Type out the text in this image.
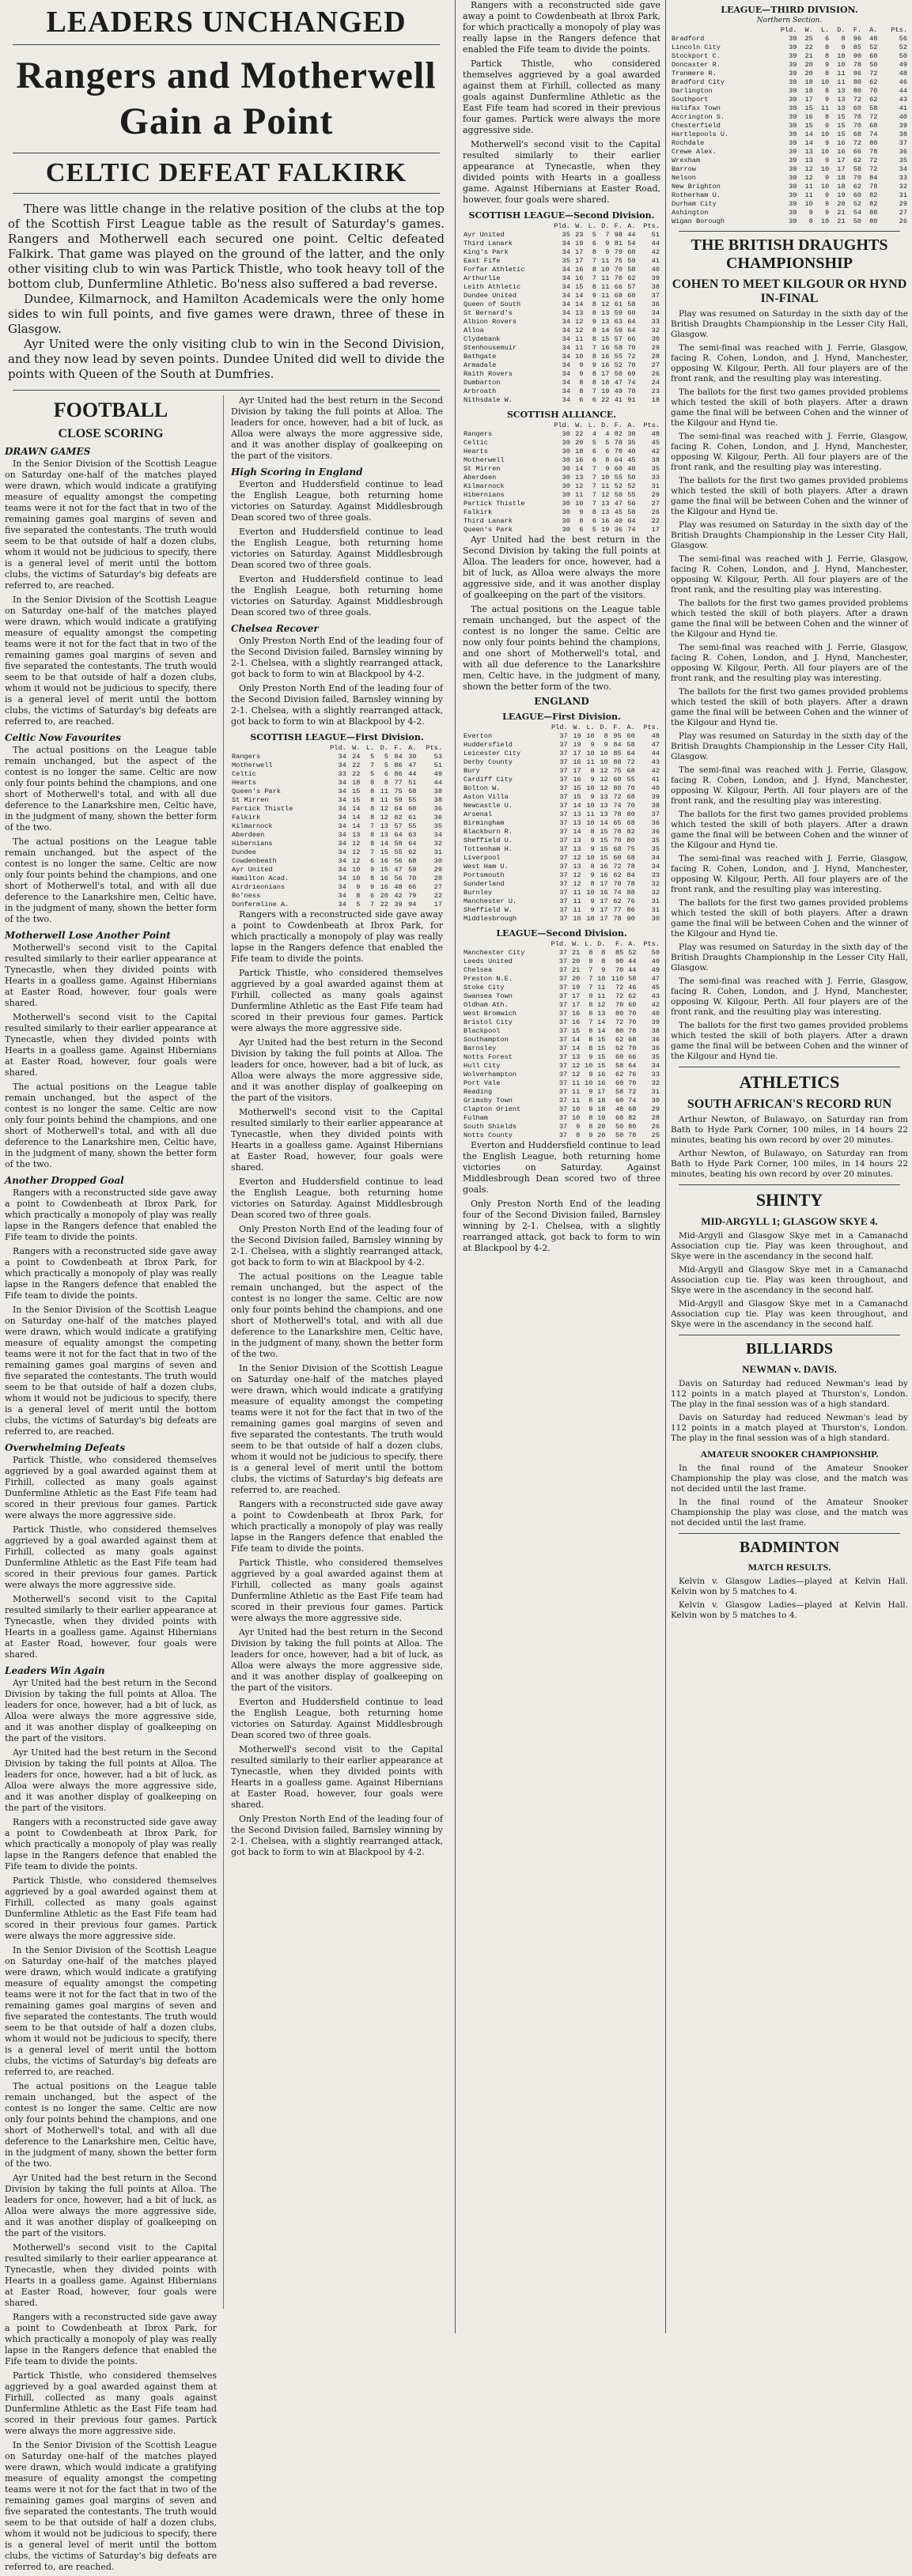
LEADERS UNCHANGED
Rangers and Motherwell Gain a Point
CELTIC DEFEAT FALKIRK

There was little change in the relative position of the clubs at the top of the Scottish First League table as the result of Saturday's games. Rangers and Motherwell each secured one point. Celtic defeated Falkirk. That game was played on the ground of the latter, and the only other visiting club to win was Partick Thistle, who took heavy toll of the bottom club, Dunfermline Athletic. Bo'ness also suffered a bad reverse.

Dundee, Kilmarnock, and Hamilton Academicals were the only home sides to win full points, and five games were drawn, three of these in Glasgow.

Ayr United were the only visiting club to win in the Second Division, and they now lead by seven points. Dundee United did well to divide the points with Queen of the South at Dumfries.

FOOTBALL
CLOSE SCORING
DRAWN GAMES

In the Senior Division of the Scottish League on Saturday one-half of the matches played were drawn, which would indicate a gratifying measure of equality amongst the competing teams were it not for the fact that in two of the remaining games goal margins of seven and five separated the contestants. The truth would seem to be that outside of half a dozen clubs, whom it would not be judicious to specify, there is a general level of merit until the bottom clubs, the victims of Saturday's big defeats are referred to, are reached.

In the Senior Division of the Scottish League on Saturday one-half of the matches played were drawn, which would indicate a gratifying measure of equality amongst the competing teams were it not for the fact that in two of the remaining games goal margins of seven and five separated the contestants. The truth would seem to be that outside of half a dozen clubs, whom it would not be judicious to specify, there is a general level of merit until the bottom clubs, the victims of Saturday's big defeats are referred to, are reached.

Celtic Now Favourites

The actual positions on the League table remain unchanged, but the aspect of the contest is no longer the same. Celtic are now only four points behind the champions, and one short of Motherwell's total, and with all due deference to the Lanarkshire men, Celtic have, in the judgment of many, shown the better form of the two.

The actual positions on the League table remain unchanged, but the aspect of the contest is no longer the same. Celtic are now only four points behind the champions, and one short of Motherwell's total, and with all due deference to the Lanarkshire men, Celtic have, in the judgment of many, shown the better form of the two.

Motherwell Lose Another Point

Motherwell's second visit to the Capital resulted similarly to their earlier appearance at Tynecastle, when they divided points with Hearts in a goalless game. Against Hibernians at Easter Road, however, four goals were shared.

Motherwell's second visit to the Capital resulted similarly to their earlier appearance at Tynecastle, when they divided points with Hearts in a goalless game. Against Hibernians at Easter Road, however, four goals were shared.

The actual positions on the League table remain unchanged, but the aspect of the contest is no longer the same. Celtic are now only four points behind the champions, and one short of Motherwell's total, and with all due deference to the Lanarkshire men, Celtic have, in the judgment of many, shown the better form of the two.

Another Dropped Goal

Rangers with a reconstructed side gave away a point to Cowdenbeath at Ibrox Park, for which practically a monopoly of play was really lapse in the Rangers defence that enabled the Fife team to divide the points.

Rangers with a reconstructed side gave away a point to Cowdenbeath at Ibrox Park, for which practically a monopoly of play was really lapse in the Rangers defence that enabled the Fife team to divide the points.

In the Senior Division of the Scottish League on Saturday one-half of the matches played were drawn, which would indicate a gratifying measure of equality amongst the competing teams were it not for the fact that in two of the remaining games goal margins of seven and five separated the contestants. The truth would seem to be that outside of half a dozen clubs, whom it would not be judicious to specify, there is a general level of merit until the bottom clubs, the victims of Saturday's big defeats are referred to, are reached.

Overwhelming Defeats

Partick Thistle, who considered themselves aggrieved by a goal awarded against them at Firhill, collected as many goals against Dunfermline Athletic as the East Fife team had scored in their previous four games. Partick were always the more aggressive side.

Partick Thistle, who considered themselves aggrieved by a goal awarded against them at Firhill, collected as many goals against Dunfermline Athletic as the East Fife team had scored in their previous four games. Partick were always the more aggressive side.

Motherwell's second visit to the Capital resulted similarly to their earlier appearance at Tynecastle, when they divided points with Hearts in a goalless game. Against Hibernians at Easter Road, however, four goals were shared.

Leaders Win Again

Ayr United had the best return in the Second Division by taking the full points at Alloa. The leaders for once, however, had a bit of luck, as Alloa were always the more aggressive side, and it was another display of goalkeeping on the part of the visitors.

Ayr United had the best return in the Second Division by taking the full points at Alloa. The leaders for once, however, had a bit of luck, as Alloa were always the more aggressive side, and it was another display of goalkeeping on the part of the visitors.

Rangers with a reconstructed side gave away a point to Cowdenbeath at Ibrox Park, for which practically a monopoly of play was really lapse in the Rangers defence that enabled the Fife team to divide the points.

Partick Thistle, who considered themselves aggrieved by a goal awarded against them at Firhill, collected as many goals against Dunfermline Athletic as the East Fife team had scored in their previous four games. Partick were always the more aggressive side.

In the Senior Division of the Scottish League on Saturday one-half of the matches played were drawn, which would indicate a gratifying measure of equality amongst the competing teams were it not for the fact that in two of the remaining games goal margins of seven and five separated the contestants. The truth would seem to be that outside of half a dozen clubs, whom it would not be judicious to specify, there is a general level of merit until the bottom clubs, the victims of Saturday's big defeats are referred to, are reached.

The actual positions on the League table remain unchanged, but the aspect of the contest is no longer the same. Celtic are now only four points behind the champions, and one short of Motherwell's total, and with all due deference to the Lanarkshire men, Celtic have, in the judgment of many, shown the better form of the two.

Ayr United had the best return in the Second Division by taking the full points at Alloa. The leaders for once, however, had a bit of luck, as Alloa were always the more aggressive side, and it was another display of goalkeeping on the part of the visitors.

Motherwell's second visit to the Capital resulted similarly to their earlier appearance at Tynecastle, when they divided points with Hearts in a goalless game. Against Hibernians at Easter Road, however, four goals were shared.

Rangers with a reconstructed side gave away a point to Cowdenbeath at Ibrox Park, for which practically a monopoly of play was really lapse in the Rangers defence that enabled the Fife team to divide the points.

Partick Thistle, who considered themselves aggrieved by a goal awarded against them at Firhill, collected as many goals against Dunfermline Athletic as the East Fife team had scored in their previous four games. Partick were always the more aggressive side.

In the Senior Division of the Scottish League on Saturday one-half of the matches played were drawn, which would indicate a gratifying measure of equality amongst the competing teams were it not for the fact that in two of the remaining games goal margins of seven and five separated the contestants. The truth would seem to be that outside of half a dozen clubs, whom it would not be judicious to specify, there is a general level of merit until the bottom clubs, the victims of Saturday's big defeats are referred to, are reached.

Ayr United had the best return in the Second Division by taking the full points at Alloa. The leaders for once, however, had a bit of luck, as Alloa were always the more aggressive side, and it was another display of goalkeeping on the part of the visitors.

High Scoring in England

Everton and Huddersfield continue to lead the English League, both returning home victories on Saturday. Against Middlesbrough Dean scored two of three goals.

Everton and Huddersfield continue to lead the English League, both returning home victories on Saturday. Against Middlesbrough Dean scored two of three goals.

Everton and Huddersfield continue to lead the English League, both returning home victories on Saturday. Against Middlesbrough Dean scored two of three goals.

Chelsea Recover

Only Preston North End of the leading four of the Second Division failed, Barnsley winning by 2-1. Chelsea, with a slightly rearranged attack, got back to form to win at Blackpool by 4-2.

Only Preston North End of the leading four of the Second Division failed, Barnsley winning by 2-1. Chelsea, with a slightly rearranged attack, got back to form to win at Blackpool by 4-2.

SCOTTISH LEAGUE—First Division.
	Pld.	W.	L.	D.	F.	A.	Pts.
Rangers	34	24	5	5	84	30	53
Motherwell	34	22	7	5	86	47	51
Celtic	33	22	5	6	86	44	49
Hearts	34	18	8	8	77	51	44
Queen's Park	34	15	8	11	75	58	38
St Mirren	34	15	8	11	59	55	38
Partick Thistle	34	14	8	12	64	60	36
Falkirk	34	14	8	12	62	61	36
Kilmarnock	34	14	7	13	57	55	35
Aberdeen	34	13	8	13	64	63	34
Hibernians	34	12	8	14	58	64	32
Dundee	34	12	7	15	55	62	31
Cowdenbeath	34	12	6	16	56	68	30
Ayr United	34	10	9	15	47	59	29
Hamilton Acad.	34	10	8	16	56	70	28
Airdrieonians	34	9	9	16	48	66	27
Bo'ness	34	8	6	20	42	79	22
Dunfermline A.	34	5	7	22	39	94	17

Rangers with a reconstructed side gave away a point to Cowdenbeath at Ibrox Park, for which practically a monopoly of play was really lapse in the Rangers defence that enabled the Fife team to divide the points.

Partick Thistle, who considered themselves aggrieved by a goal awarded against them at Firhill, collected as many goals against Dunfermline Athletic as the East Fife team had scored in their previous four games. Partick were always the more aggressive side.

Ayr United had the best return in the Second Division by taking the full points at Alloa. The leaders for once, however, had a bit of luck, as Alloa were always the more aggressive side, and it was another display of goalkeeping on the part of the visitors.

Motherwell's second visit to the Capital resulted similarly to their earlier appearance at Tynecastle, when they divided points with Hearts in a goalless game. Against Hibernians at Easter Road, however, four goals were shared.

Everton and Huddersfield continue to lead the English League, both returning home victories on Saturday. Against Middlesbrough Dean scored two of three goals.

Only Preston North End of the leading four of the Second Division failed, Barnsley winning by 2-1. Chelsea, with a slightly rearranged attack, got back to form to win at Blackpool by 4-2.

The actual positions on the League table remain unchanged, but the aspect of the contest is no longer the same. Celtic are now only four points behind the champions, and one short of Motherwell's total, and with all due deference to the Lanarkshire men, Celtic have, in the judgment of many, shown the better form of the two.

In the Senior Division of the Scottish League on Saturday one-half of the matches played were drawn, which would indicate a gratifying measure of equality amongst the competing teams were it not for the fact that in two of the remaining games goal margins of seven and five separated the contestants. The truth would seem to be that outside of half a dozen clubs, whom it would not be judicious to specify, there is a general level of merit until the bottom clubs, the victims of Saturday's big defeats are referred to, are reached.

Rangers with a reconstructed side gave away a point to Cowdenbeath at Ibrox Park, for which practically a monopoly of play was really lapse in the Rangers defence that enabled the Fife team to divide the points.

Partick Thistle, who considered themselves aggrieved by a goal awarded against them at Firhill, collected as many goals against Dunfermline Athletic as the East Fife team had scored in their previous four games. Partick were always the more aggressive side.

Ayr United had the best return in the Second Division by taking the full points at Alloa. The leaders for once, however, had a bit of luck, as Alloa were always the more aggressive side, and it was another display of goalkeeping on the part of the visitors.

Everton and Huddersfield continue to lead the English League, both returning home victories on Saturday. Against Middlesbrough Dean scored two of three goals.

Motherwell's second visit to the Capital resulted similarly to their earlier appearance at Tynecastle, when they divided points with Hearts in a goalless game. Against Hibernians at Easter Road, however, four goals were shared.

Only Preston North End of the leading four of the Second Division failed, Barnsley winning by 2-1. Chelsea, with a slightly rearranged attack, got back to form to win at Blackpool by 4-2.

Rangers with a reconstructed side gave away a point to Cowdenbeath at Ibrox Park, for which practically a monopoly of play was really lapse in the Rangers defence that enabled the Fife team to divide the points.

Partick Thistle, who considered themselves aggrieved by a goal awarded against them at Firhill, collected as many goals against Dunfermline Athletic as the East Fife team had scored in their previous four games. Partick were always the more aggressive side.

Motherwell's second visit to the Capital resulted similarly to their earlier appearance at Tynecastle, when they divided points with Hearts in a goalless game. Against Hibernians at Easter Road, however, four goals were shared.

SCOTTISH LEAGUE—Second Division.
	Pld.	W.	L.	D.	F.	A.	Pts.
Ayr United	35	23	5	7	98	44	51
Third Lanark	34	19	6	9	81	54	44
King's Park	34	17	8	9	79	60	42
East Fife	35	17	7	11	75	59	41
Forfar Athletic	34	16	8	10	70	58	40
Arthurlie	34	16	7	11	70	62	39
Leith Athletic	34	15	8	11	66	57	38
Dundee United	34	14	9	11	68	60	37
Queen of South	34	14	8	12	61	58	36
St Bernard's	34	13	8	13	59	60	34
Albion Rovers	34	12	9	13	63	64	33
Alloa	34	12	8	14	59	64	32
Clydebank	34	11	8	15	57	66	30
Stenhousemuir	34	11	7	16	58	70	29
Bathgate	34	10	8	16	55	72	28
Armadale	34	9	9	16	52	70	27
Raith Rovers	34	9	8	17	50	69	26
Dumbarton	34	8	8	18	47	74	24
Arbroath	34	8	7	19	49	78	23
Nithsdale W.	34	6	6	22	41	91	18
SCOTTISH ALLIANCE.
	Pld.	W.	L.	D.	F.	A.	Pts.
Rangers	30	22	4	4	82	30	48
Celtic	30	20	5	5	78	35	45
Hearts	30	18	6	6	70	40	42
Motherwell	30	16	6	8	64	45	38
St Mirren	30	14	7	9	60	48	35
Aberdeen	30	13	7	10	55	50	33
Kilmarnock	30	12	7	11	52	52	31
Hibernians	30	11	7	12	50	55	29
Partick Thistle	30	10	7	13	47	56	27
Falkirk	30	9	8	13	45	58	26
Third Lanark	30	8	6	16	40	64	22
Queen's Park	30	6	5	19	36	74	17

Ayr United had the best return in the Second Division by taking the full points at Alloa. The leaders for once, however, had a bit of luck, as Alloa were always the more aggressive side, and it was another display of goalkeeping on the part of the visitors.

The actual positions on the League table remain unchanged, but the aspect of the contest is no longer the same. Celtic are now only four points behind the champions, and one short of Motherwell's total, and with all due deference to the Lanarkshire men, Celtic have, in the judgment of many, shown the better form of the two.

ENGLAND
LEAGUE—First Division.
	Pld.	W.	L.	D.	F.	A.	Pts.
Everton	37	19	10	8	95	60	48
Huddersfield	37	19	9	9	84	58	47
Leicester City	37	17	10	10	85	64	44
Derby County	37	16	11	10	88	72	43
Bury	37	17	8	12	75	68	42
Cardiff City	37	16	9	12	60	55	41
Bolton W.	37	15	10	12	80	70	40
Aston Villa	37	15	9	13	72	68	39
Newcastle U.	37	14	10	13	74	70	38
Arsenal	37	13	11	13	78	80	37
Birmingham	37	13	10	14	65	68	36
Blackburn R.	37	14	8	15	78	82	36
Sheffield U.	37	13	9	15	70	80	35
Tottenham H.	37	13	9	15	68	75	35
Liverpool	37	12	10	15	60	68	34
West Ham U.	37	13	8	16	72	78	34
Portsmouth	37	12	9	16	62	84	33
Sunderland	37	12	8	17	70	78	32
Burnley	37	11	10	16	74	88	32
Manchester U.	37	11	9	17	62	76	31
Sheffield W.	37	11	9	17	77	86	31
Middlesbrough	37	10	10	17	78	90	30
LEAGUE—Second Division.
	Pld.	W.	L.	D.	F.	A.	Pts.
Manchester City	37	21	8	8	85	52	50
Leeds United	37	20	9	8	90	44	49
Chelsea	37	21	7	9	70	44	49
Preston N.E.	37	20	7	10	110	58	47
Stoke City	37	19	7	11	72	46	45
Swansea Town	37	17	9	11	72	62	43
Oldham Ath.	37	17	8	12	70	60	42
West Bromwich	37	16	8	13	80	70	40
Bristol City	37	16	7	14	72	70	39
Blackpool	37	15	8	14	80	78	38
Southampton	37	14	8	15	62	68	36
Barnsley	37	14	8	15	62	70	36
Notts Forest	37	13	9	15	60	66	35
Hull City	37	12	10	15	58	64	34
Wolverhampton	37	12	9	16	62	76	33
Port Vale	37	11	10	16	60	70	32
Reading	37	11	9	17	58	72	31
Grimsby Town	37	11	8	18	60	74	30
Clapton Orient	37	10	9	18	48	68	29
Fulham	37	10	8	19	60	82	28
South Shields	37	9	8	20	50	80	26
Notts County	37	8	9	20	50	78	25

Everton and Huddersfield continue to lead the English League, both returning home victories on Saturday. Against Middlesbrough Dean scored two of three goals.

Only Preston North End of the leading four of the Second Division failed, Barnsley winning by 2-1. Chelsea, with a slightly rearranged attack, got back to form to win at Blackpool by 4-2.

LEAGUE—THIRD DIVISION.
Northern Section.
	Pld.	W.	L.	D.	F.	A.	Pts.
Bradford	39	25	6	8	96	48	56
Lincoln City	39	22	8	9	85	52	52
Stockport C.	39	21	8	10	90	60	50
Doncaster R.	39	20	9	10	78	50	49
Tranmere R.	39	20	8	11	96	72	48
Bradford City	39	18	10	11	80	62	46
Darlington	39	18	8	13	80	70	44
Southport	39	17	9	13	72	62	43
Halifax Town	39	15	11	13	60	58	41
Accrington S.	39	16	8	15	70	72	40
Chesterfield	39	15	9	15	70	68	39
Hartlepools U.	39	14	10	15	68	74	38
Rochdale	39	14	9	16	72	80	37
Crewe Alex.	39	13	10	16	66	78	36
Wrexham	39	13	9	17	62	72	35
Barrow	39	12	10	17	58	72	34
Nelson	39	12	9	18	70	84	33
New Brighton	39	11	10	18	62	78	32
Rotherham U.	39	11	9	19	60	82	31
Durham City	39	10	9	20	52	82	29
Ashington	39	9	9	21	54	88	27
Wigan Borough	39	8	10	21	50	80	26
THE BRITISH DRAUGHTS CHAMPIONSHIP
COHEN TO MEET KILGOUR OR HYND IN-FINAL

Play was resumed on Saturday in the sixth day of the British Draughts Championship in the Lesser City Hall, Glasgow.

The semi-final was reached with J. Ferrie, Glasgow, facing R. Cohen, London, and J. Hynd, Manchester, opposing W. Kilgour, Perth. All four players are of the front rank, and the resulting play was interesting.

The ballots for the first two games provided problems which tested the skill of both players. After a drawn game the final will be between Cohen and the winner of the Kilgour and Hynd tie.

The semi-final was reached with J. Ferrie, Glasgow, facing R. Cohen, London, and J. Hynd, Manchester, opposing W. Kilgour, Perth. All four players are of the front rank, and the resulting play was interesting.

The ballots for the first two games provided problems which tested the skill of both players. After a drawn game the final will be between Cohen and the winner of the Kilgour and Hynd tie.

Play was resumed on Saturday in the sixth day of the British Draughts Championship in the Lesser City Hall, Glasgow.

The semi-final was reached with J. Ferrie, Glasgow, facing R. Cohen, London, and J. Hynd, Manchester, opposing W. Kilgour, Perth. All four players are of the front rank, and the resulting play was interesting.

The ballots for the first two games provided problems which tested the skill of both players. After a drawn game the final will be between Cohen and the winner of the Kilgour and Hynd tie.

The semi-final was reached with J. Ferrie, Glasgow, facing R. Cohen, London, and J. Hynd, Manchester, opposing W. Kilgour, Perth. All four players are of the front rank, and the resulting play was interesting.

The ballots for the first two games provided problems which tested the skill of both players. After a drawn game the final will be between Cohen and the winner of the Kilgour and Hynd tie.

Play was resumed on Saturday in the sixth day of the British Draughts Championship in the Lesser City Hall, Glasgow.

The semi-final was reached with J. Ferrie, Glasgow, facing R. Cohen, London, and J. Hynd, Manchester, opposing W. Kilgour, Perth. All four players are of the front rank, and the resulting play was interesting.

The ballots for the first two games provided problems which tested the skill of both players. After a drawn game the final will be between Cohen and the winner of the Kilgour and Hynd tie.

The semi-final was reached with J. Ferrie, Glasgow, facing R. Cohen, London, and J. Hynd, Manchester, opposing W. Kilgour, Perth. All four players are of the front rank, and the resulting play was interesting.

The ballots for the first two games provided problems which tested the skill of both players. After a drawn game the final will be between Cohen and the winner of the Kilgour and Hynd tie.

Play was resumed on Saturday in the sixth day of the British Draughts Championship in the Lesser City Hall, Glasgow.

The semi-final was reached with J. Ferrie, Glasgow, facing R. Cohen, London, and J. Hynd, Manchester, opposing W. Kilgour, Perth. All four players are of the front rank, and the resulting play was interesting.

The ballots for the first two games provided problems which tested the skill of both players. After a drawn game the final will be between Cohen and the winner of the Kilgour and Hynd tie.

ATHLETICS
SOUTH AFRICAN'S RECORD RUN

Arthur Newton, of Bulawayo, on Saturday ran from Bath to Hyde Park Corner, 100 miles, in 14 hours 22 minutes, beating his own record by over 20 minutes.

Arthur Newton, of Bulawayo, on Saturday ran from Bath to Hyde Park Corner, 100 miles, in 14 hours 22 minutes, beating his own record by over 20 minutes.

SHINTY
MID-ARGYLL 1; GLASGOW SKYE 4.

Mid-Argyll and Glasgow Skye met in a Camanachd Association cup tie. Play was keen throughout, and Skye were in the ascendancy in the second half.

Mid-Argyll and Glasgow Skye met in a Camanachd Association cup tie. Play was keen throughout, and Skye were in the ascendancy in the second half.

Mid-Argyll and Glasgow Skye met in a Camanachd Association cup tie. Play was keen throughout, and Skye were in the ascendancy in the second half.

BILLIARDS
NEWMAN v. DAVIS.

Davis on Saturday had reduced Newman's lead by 112 points in a match played at Thurston's, London. The play in the final session was of a high standard.

Davis on Saturday had reduced Newman's lead by 112 points in a match played at Thurston's, London. The play in the final session was of a high standard.

AMATEUR SNOOKER CHAMPIONSHIP.

In the final round of the Amateur Snooker Championship the play was close, and the match was not decided until the last frame.

In the final round of the Amateur Snooker Championship the play was close, and the match was not decided until the last frame.

BADMINTON
MATCH RESULTS.

Kelvin v. Glasgow Ladies—played at Kelvin Hall. Kelvin won by 5 matches to 4.

Kelvin v. Glasgow Ladies—played at Kelvin Hall. Kelvin won by 5 matches to 4.
